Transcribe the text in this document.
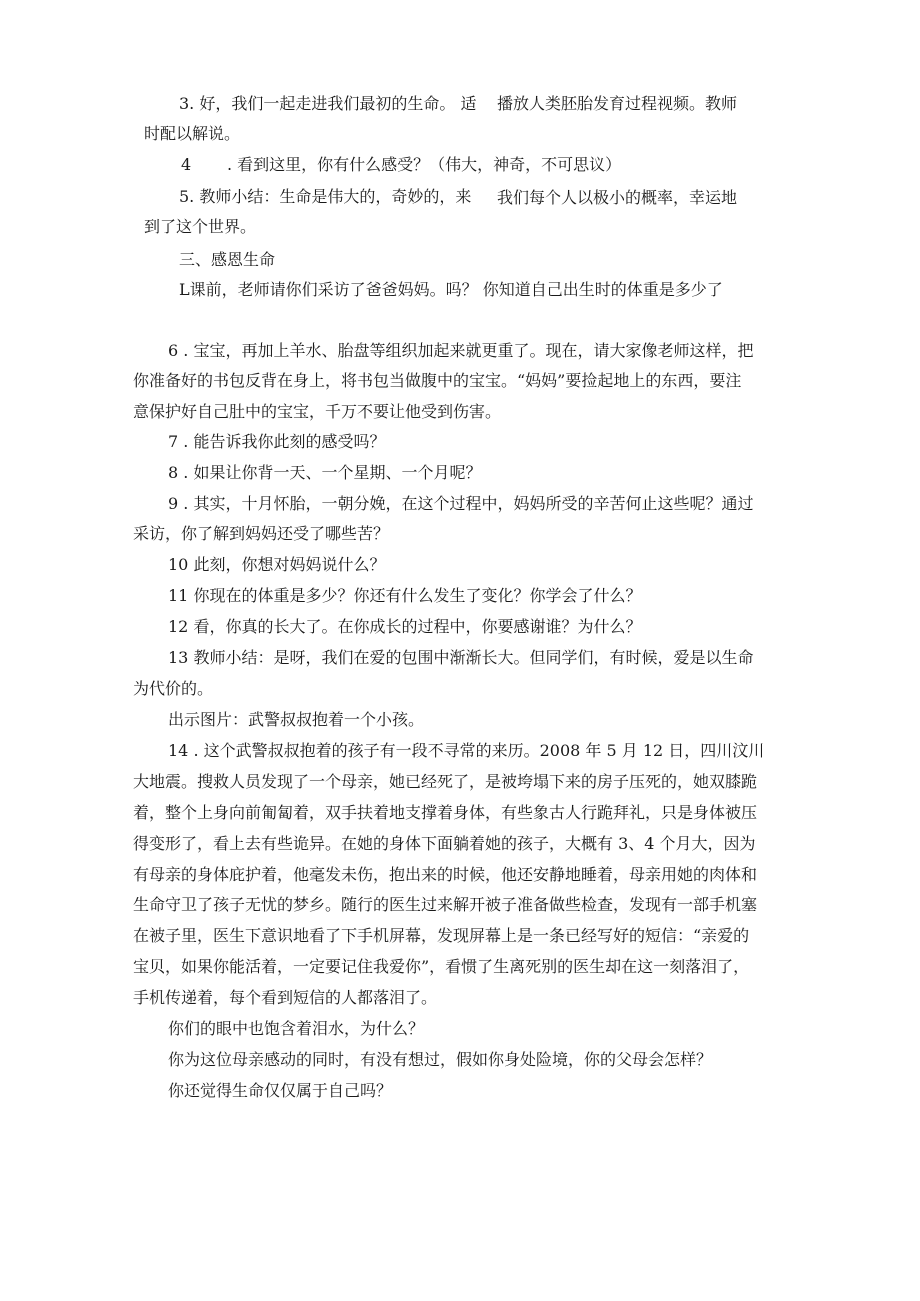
3. 好，我们一起走进我们最初的生命。 适 播放人类胚胎发育过程视频。教师
时配以解说。
4 . 看到这里，你有什么感受？（伟大，神奇，不可思议）
5. 教师小结：生命是伟大的，奇妙的，来 我们每个人以极小的概率，幸运地
到了这个世界。
三、感恩生命
L课前，老师请你们采访了爸爸妈妈。吗？ 你知道自己出生时的体重是多少了
6 . 宝宝，再加上羊水、胎盘等组织加起来就更重了。现在，请大家像老师这样，把
你准备好的书包反背在身上，将书包当做腹中的宝宝。“妈妈”要捡起地上的东西，要注
意保护好自己肚中的宝宝，千万不要让他受到伤害。
7 . 能告诉我你此刻的感受吗？
8 . 如果让你背一天、一个星期、一个月呢？
9 . 其实，十月怀胎，一朝分娩，在这个过程中，妈妈所受的辛苦何止这些呢？通过
采访，你了解到妈妈还受了哪些苦？
10 此刻，你想对妈妈说什么？
11 你现在的体重是多少？你还有什么发生了变化？你学会了什么？
12 看，你真的长大了。在你成长的过程中，你要感谢谁？为什么？
13 教师小结：是呀，我们在爱的包围中渐渐长大。但同学们，有时候，爱是以生命
为代价的。
出示图片：武警叔叔抱着一个小孩。
14 . 这个武警叔叔抱着的孩子有一段不寻常的来历。2008 年 5 月 12 日，四川汶川
大地震。搜救人员发现了一个母亲，她已经死了，是被垮塌下来的房子压死的，她双膝跪
着，整个上身向前匍匐着，双手扶着地支撑着身体，有些象古人行跪拜礼，只是身体被压
得变形了，看上去有些诡异。在她的身体下面躺着她的孩子，大概有 3、4 个月大，因为
有母亲的身体庇护着，他毫发未伤，抱出来的时候，他还安静地睡着，母亲用她的肉体和
生命守卫了孩子无忧的梦乡。随行的医生过来解开被子准备做些检查，发现有一部手机塞
在被子里，医生下意识地看了下手机屏幕，发现屏幕上是一条已经写好的短信：“亲爱的
宝贝，如果你能活着，一定要记住我爱你”，看惯了生离死别的医生却在这一刻落泪了，
手机传递着，每个看到短信的人都落泪了。
你们的眼中也饱含着泪水，为什么？
你为这位母亲感动的同时，有没有想过，假如你身处险境，你的父母会怎样？
你还觉得生命仅仅属于自己吗？
